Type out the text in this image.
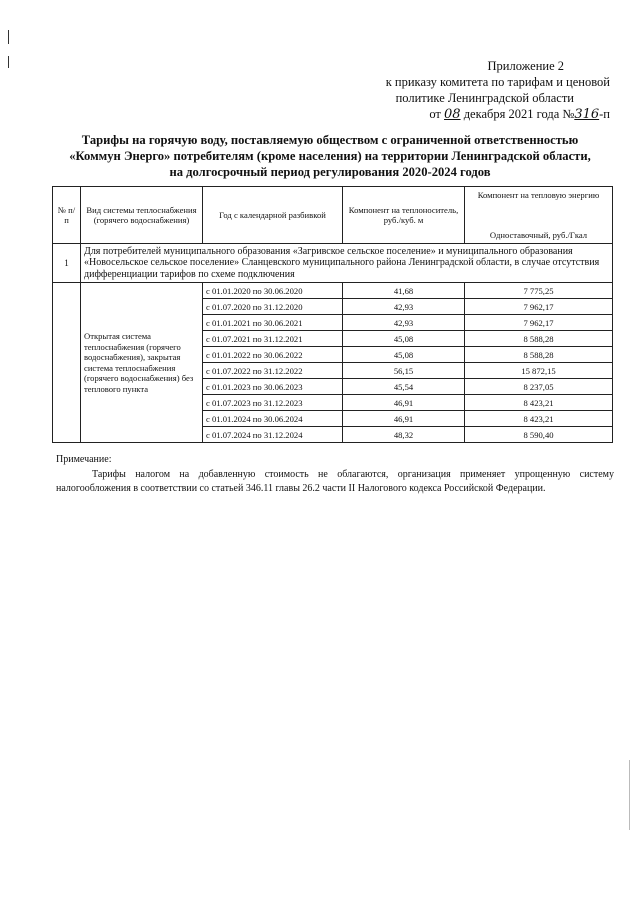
Приложение 2
к приказу комитета по тарифам и ценовой
политике Ленинградской области
от 08 декабря 2021 года №316-п
Тарифы на горячую воду, поставляемую обществом с ограниченной ответственностью
«Коммун Энерго» потребителям (кроме населения) на территории Ленинградской области,
на долгосрочный период регулирования 2020-2024 годов
№ п/п	Вид системы теплоснабжения (горячего водоснабжения)	Год с календарной разбивкой	Компонент на теплоноситель, руб./куб. м	Компонент на тепловую энергию
Одноставочный, руб./Гкал

1	Для потребителей муниципального образования «Загривское сельское поселение» и муниципального образования «Новосельское сельское поселение» Сланцевского муниципального района Ленинградской области, в случае отсутствия дифференциации тарифов по схеме подключения			
	Открытая система теплоснабжения (горячего водоснабжения), закрытая система теплоснабжения (горячего водоснабжения) без теплового пункта	с 01.01.2020 по 30.06.2020	41,68	7 775,25
		с 01.07.2020 по 31.12.2020	42,93	7 962,17
		с 01.01.2021 по 30.06.2021	42,93	7 962,17
		с 01.07.2021 по 31.12.2021	45,08	8 588,28
		с 01.01.2022 по 30.06.2022	45,08	8 588,28
		с 01.07.2022 по 31.12.2022	56,15	15 872,15
		с 01.01.2023 по 30.06.2023	45,54	8 237,05
		с 01.07.2023 по 31.12.2023	46,91	8 423,21
		с 01.01.2024 по 30.06.2024	46,91	8 423,21
		с 01.07.2024 по 31.12.2024	48,32	8 590,40
Примечание:
Тарифы налогом на добавленную стоимость не облагаются, организация применяет упрощенную систему налогообложения в соответствии со статьей 346.11 главы 26.2 части II Налогового кодекса Российской Федерации.
